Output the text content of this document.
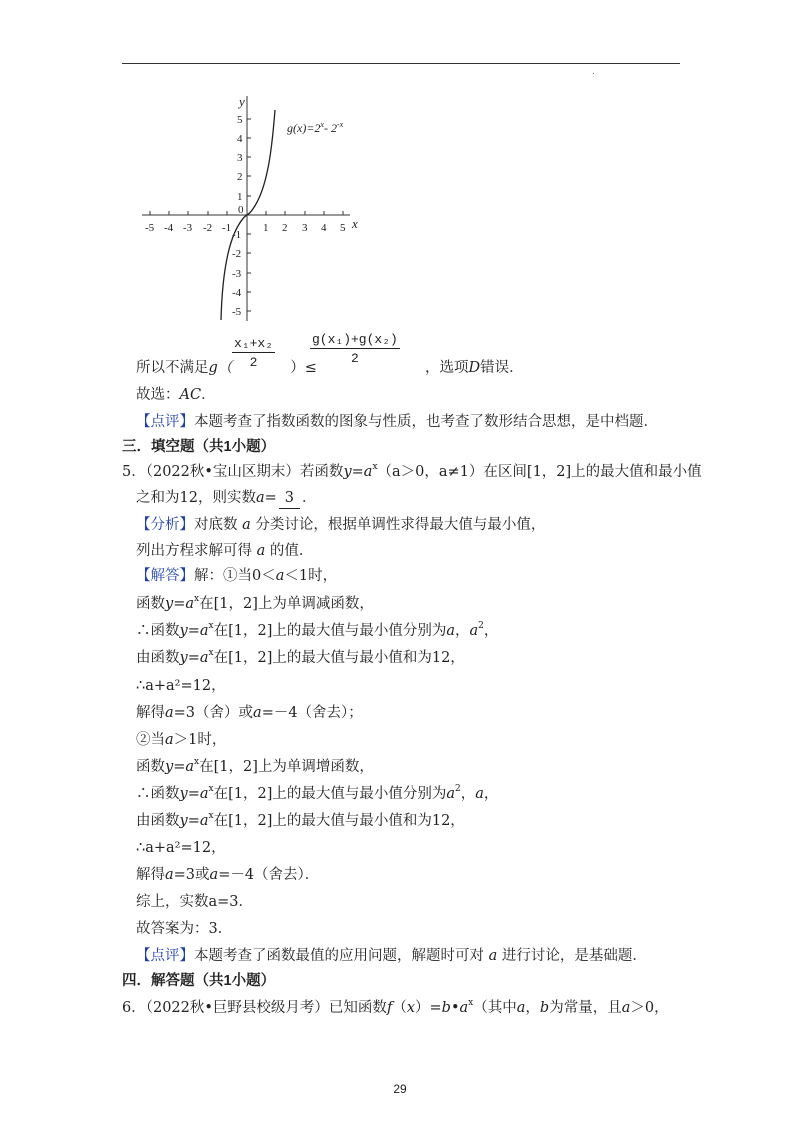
.
-5 -4 -3 -2 -1	1 2 3 4 5
5
4
3
2
1
0
-1
-2
-3
-4
-5
x
y
$g(x)=2^x-$ $2^{-x}$
$\frac{\text{x₁+x₂}}{2}$	$\frac{\text{g(x₁)+g(x₂)}}{2}$
所以不满足g（	）≤	，选项D错误．
故选：AC．
【点评】本题考查了指数函数的图象与性质，也考查了数形结合思想，是中档题．
三．填空题（共1小题）
5．（2022秋•宝山区期末）若函数$y=a^x(a>0$，a≠1）在区间[1，2]上的最大值和最小值
之和为12，则实数a= 3 ．
【分析】对底数 a 分类讨论，根据单调性求得最大值与最小值，
列出方程求解可得 a 的值．
【解答】解：①当0＜a＜1时，
函数$y=a^x$在[1，2]上为单调减函数，
∴函数$y=a^x$在[1，2]上的最大值与最小值分别为a，$a^2$，
由函数$y=a^x$在[1，2]上的最大值与最小值和为12，
∴a+a²=12，
解得a=3（舍）或a=－4（舍去）；
②当a＞1时，
函数$y=a^x$在[1，2]上为单调增函数，
∴函数$y=a^x$在[1，2]上的最大值与最小值分别为$a^2$，a，
由函数$y=a^x$在[1，2]上的最大值与最小值和为12，
∴a+a²=12，
解得a=3或a=－4（舍去）．
综上，实数a=3．
故答案为：3．
【点评】本题考查了函数最值的应用问题，解题时可对 a 进行讨论，是基础题．
四．解答题（共1小题）
6．（2022秋•巨野县校级月考）已知函数$f(x)=b•a^x$（其中a，b为常量，且a＞0，
29
